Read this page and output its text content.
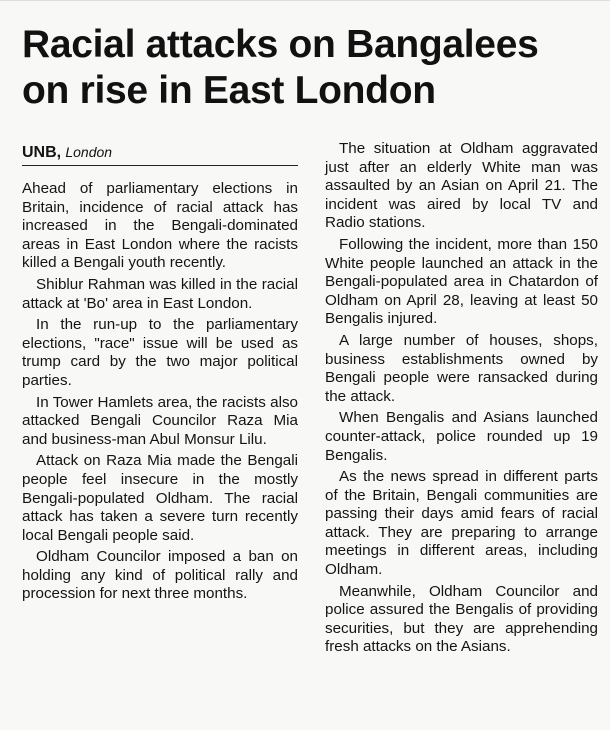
Racial attacks on Bangalees
on rise in East London
UNB, London

Ahead of parliamentary elections in Britain, incidence of racial attack has increased in the Bengali-dominated areas in East London where the racists killed a Bengali youth recently.

Shiblur Rahman was killed in the racial attack at 'Bo' area in East London.

In the run-up to the parliamentary elections, "race" issue will be used as trump card by the two major political parties.

In Tower Hamlets area, the racists also attacked Bengali Councilor Raza Mia and business-man Abul Monsur Lilu.

Attack on Raza Mia made the Bengali people feel insecure in the mostly Bengali-populated Oldham. The racial attack has taken a severe turn recently local Bengali people said.

Oldham Councilor imposed a ban on holding any kind of political rally and procession for next three months.

The situation at Oldham aggravated just after an elderly White man was assaulted by an Asian on April 21. The incident was aired by local TV and Radio stations.

Following the incident, more than 150 White people launched an attack in the Bengali-populated area in Chatardon of Oldham on April 28, leaving at least 50 Bengalis injured.

A large number of houses, shops, business establishments owned by Bengali people were ransacked during the attack.

When Bengalis and Asians launched counter-attack, police rounded up 19 Bengalis.

As the news spread in different parts of the Britain, Bengali communities are passing their days amid fears of racial attack. They are preparing to arrange meetings in different areas, including Oldham.

Meanwhile, Oldham Councilor and police assured the Bengalis of providing securities, but they are apprehending fresh attacks on the Asians.
